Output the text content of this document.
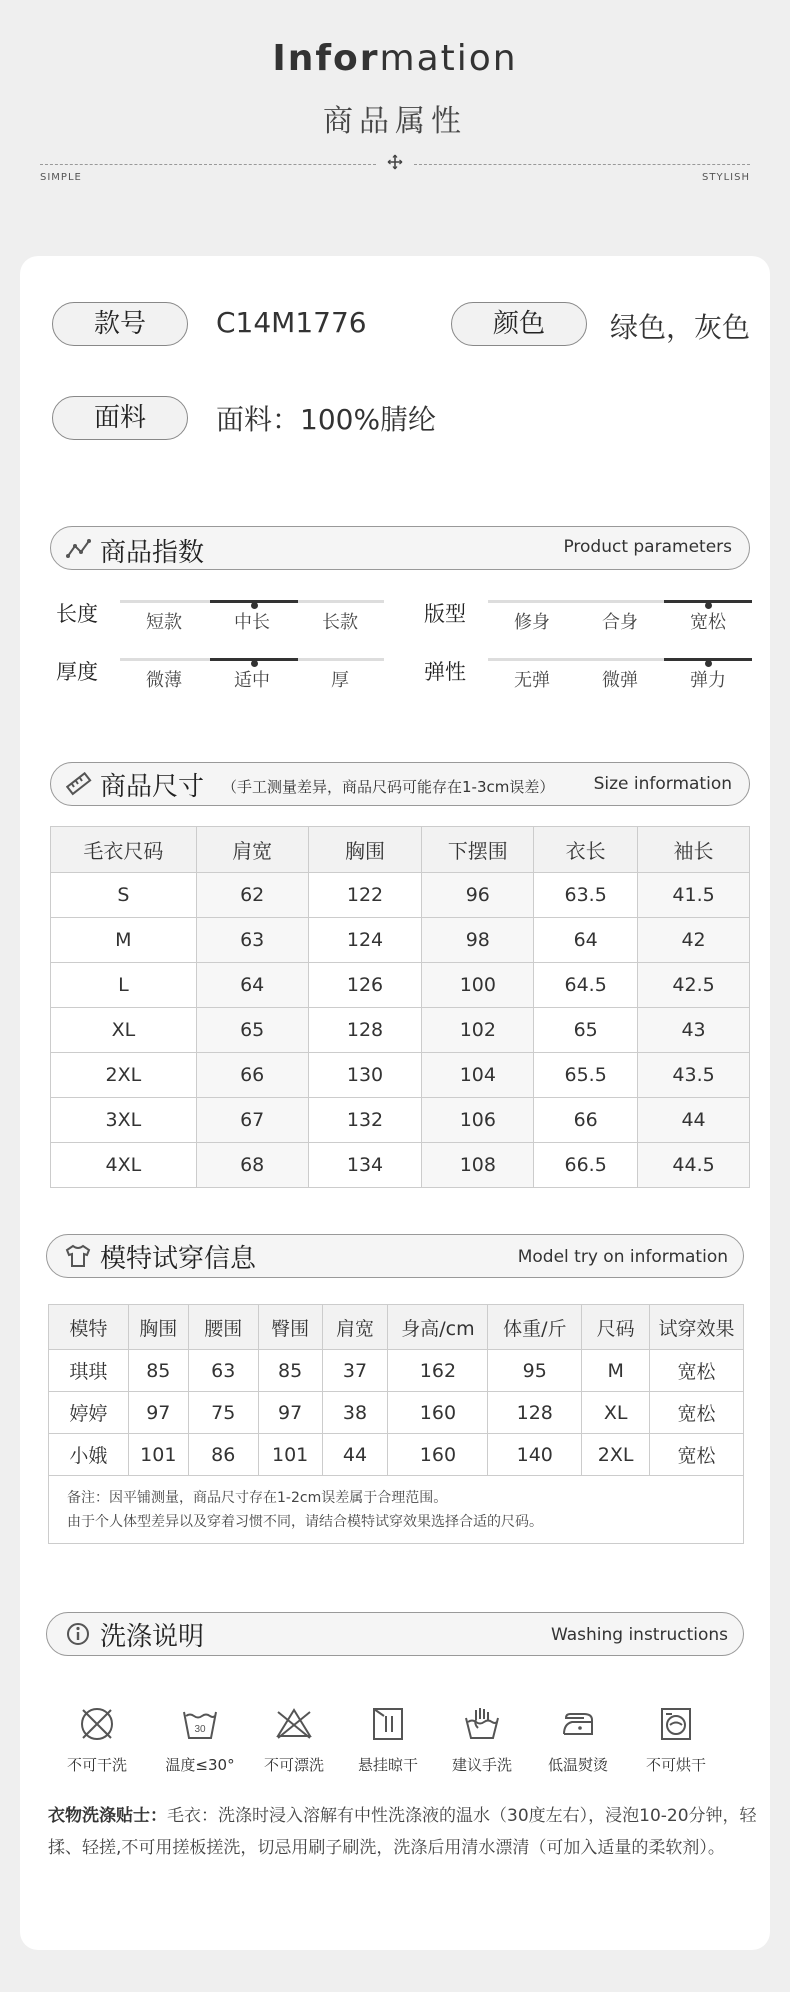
Information
商品属性
SIMPLE	STYLISH
款号	C14M1776	颜色	绿色，灰色
面料	面料：100%腈纶
商品指数	Product parameters
长度	短款	中长	长款	版型	修身	合身	宽松
厚度	微薄	适中	厚	弹性	无弹	微弹	弹力
商品尺寸 （手工测量差异，商品尺码可能存在1-3cm误差）	Size information
毛衣尺码	肩宽	胸围	下摆围	衣长	袖长
S	62	122	96	63.5	41.5
M	63	124	98	64	42
L	64	126	100	64.5	42.5
XL	65	128	102	65	43
2XL	66	130	104	65.5	43.5
3XL	67	132	106	66	44
4XL	68	134	108	66.5	44.5
模特试穿信息	Model try on information
模特	胸围	腰围	臀围	肩宽	身高/cm	体重/斤	尺码	试穿效果
琪琪	85	63	85	37	162	95	M	宽松
婷婷	97	75	97	38	160	128	XL	宽松
小娥	101	86	101	44	160	140	2XL	宽松
备注：因平铺测量，商品尺寸存在1-2cm误差属于合理范围。
由于个人体型差异以及穿着习惯不同，请结合模特试穿效果选择合适的尺码。
洗涤说明	Washing instructions
不可干洗
30
温度≤30°	不可漂洗	悬挂晾干	建议手洗	低温熨烫	不可烘干
衣物洗涤贴士：毛衣：洗涤时浸入溶解有中性洗涤液的温水（30度左右），浸泡10-20分钟，轻揉、轻搓,不可用搓板搓洗，切忌用刷子刷洗，洗涤后用清水漂清（可加入适量的柔软剂）。
